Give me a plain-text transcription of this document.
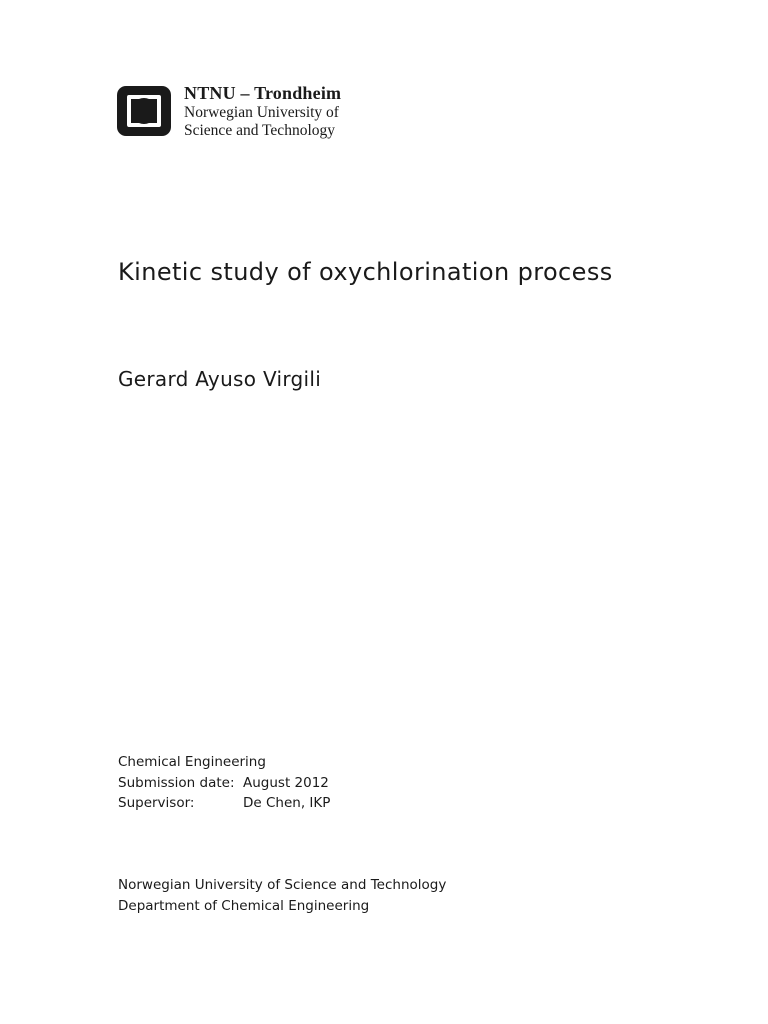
NTNU – Trondheim
Norwegian University of
Science and Technology
Kinetic study of oxychlorination process
Gerard Ayuso Virgili
Chemical Engineering
Submission date: August 2012
Supervisor:	De Chen, IKP
Norwegian University of Science and Technology
Department of Chemical Engineering
